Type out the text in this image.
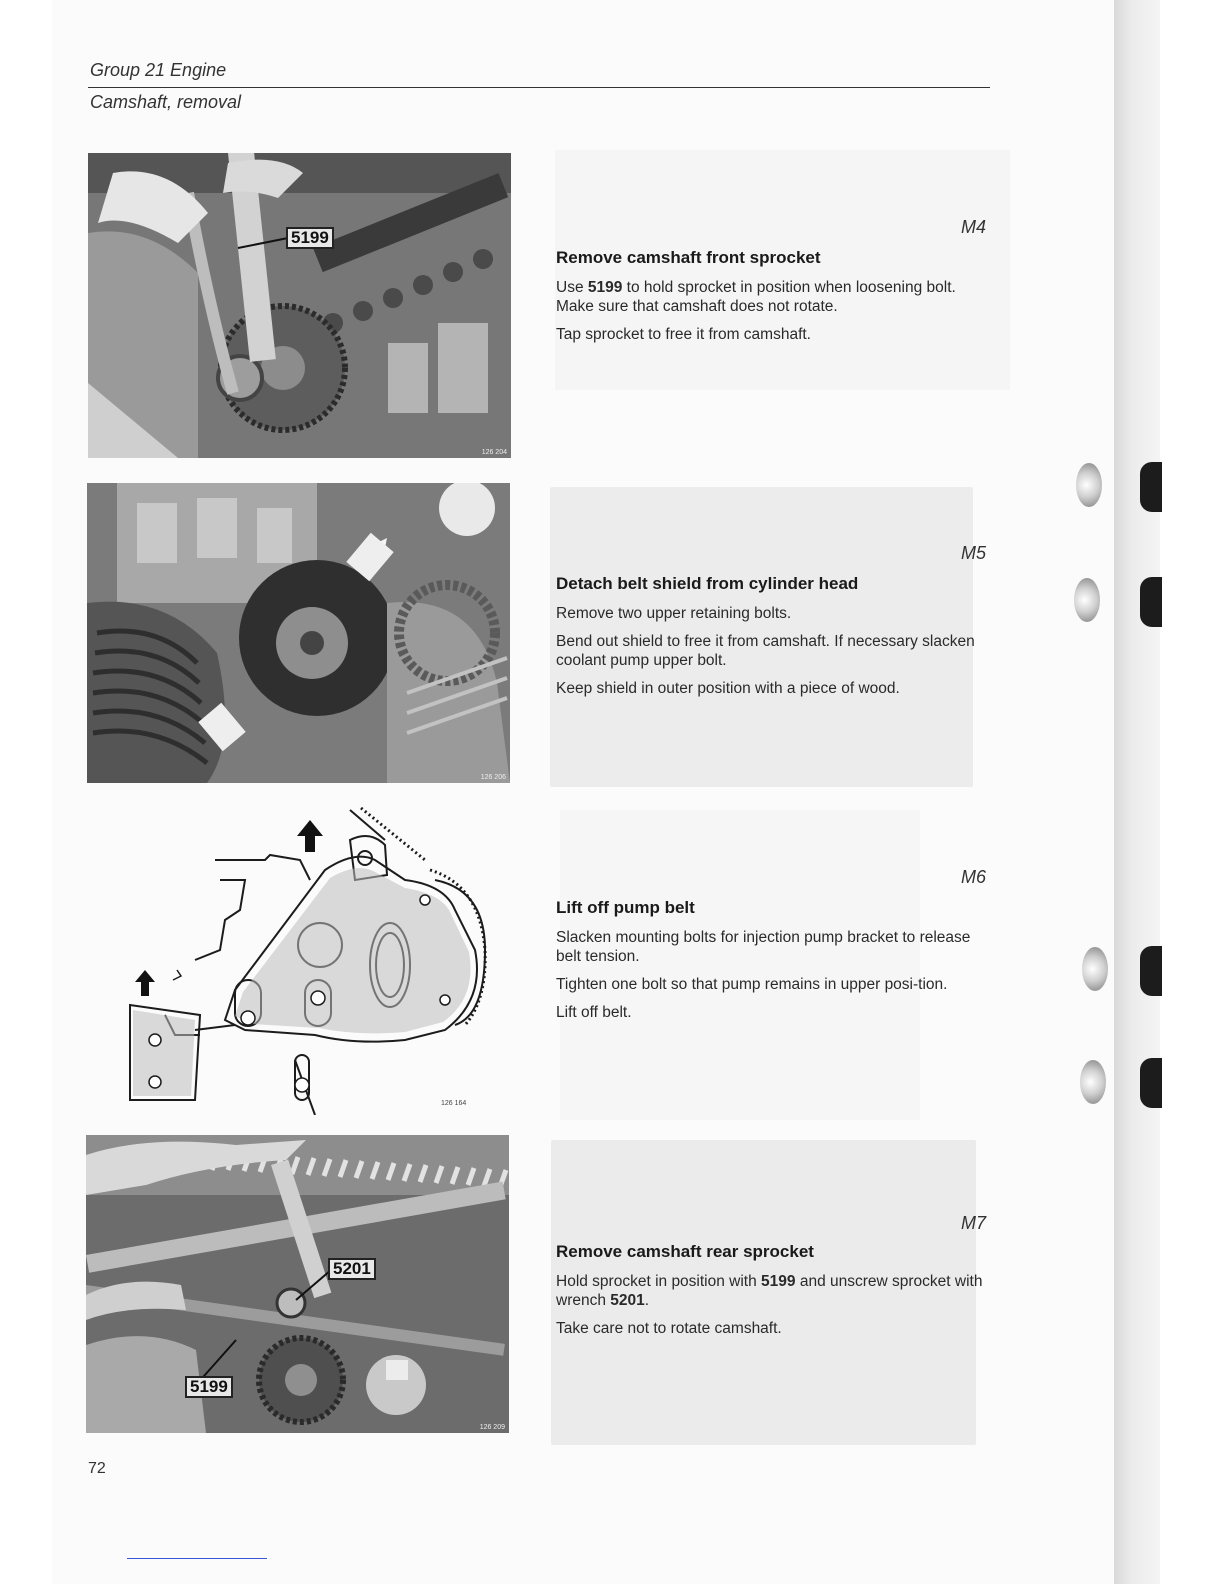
Group 21 Engine
Camshaft, removal
5199
126 204
126 206
126 164
5201
5199
126 209
M4
Remove camshaft front sprocket

Use 5199 to hold sprocket in position when loosening bolt. Make sure that camshaft does not rotate.

Tap sprocket to free it from camshaft.

M5
Detach belt shield from cylinder head

Remove two upper retaining bolts.

Bend out shield to free it from camshaft. If necessary slacken coolant pump upper bolt.

Keep shield in outer position with a piece of wood.

M6
Lift off pump belt

Slacken mounting bolts for injection pump bracket to release belt tension.

Tighten one bolt so that pump remains in upper posi-tion.

Lift off belt.

M7
Remove camshaft rear sprocket

Hold sprocket in position with 5199 and unscrew sprocket with wrench 5201.

Take care not to rotate camshaft.

72
